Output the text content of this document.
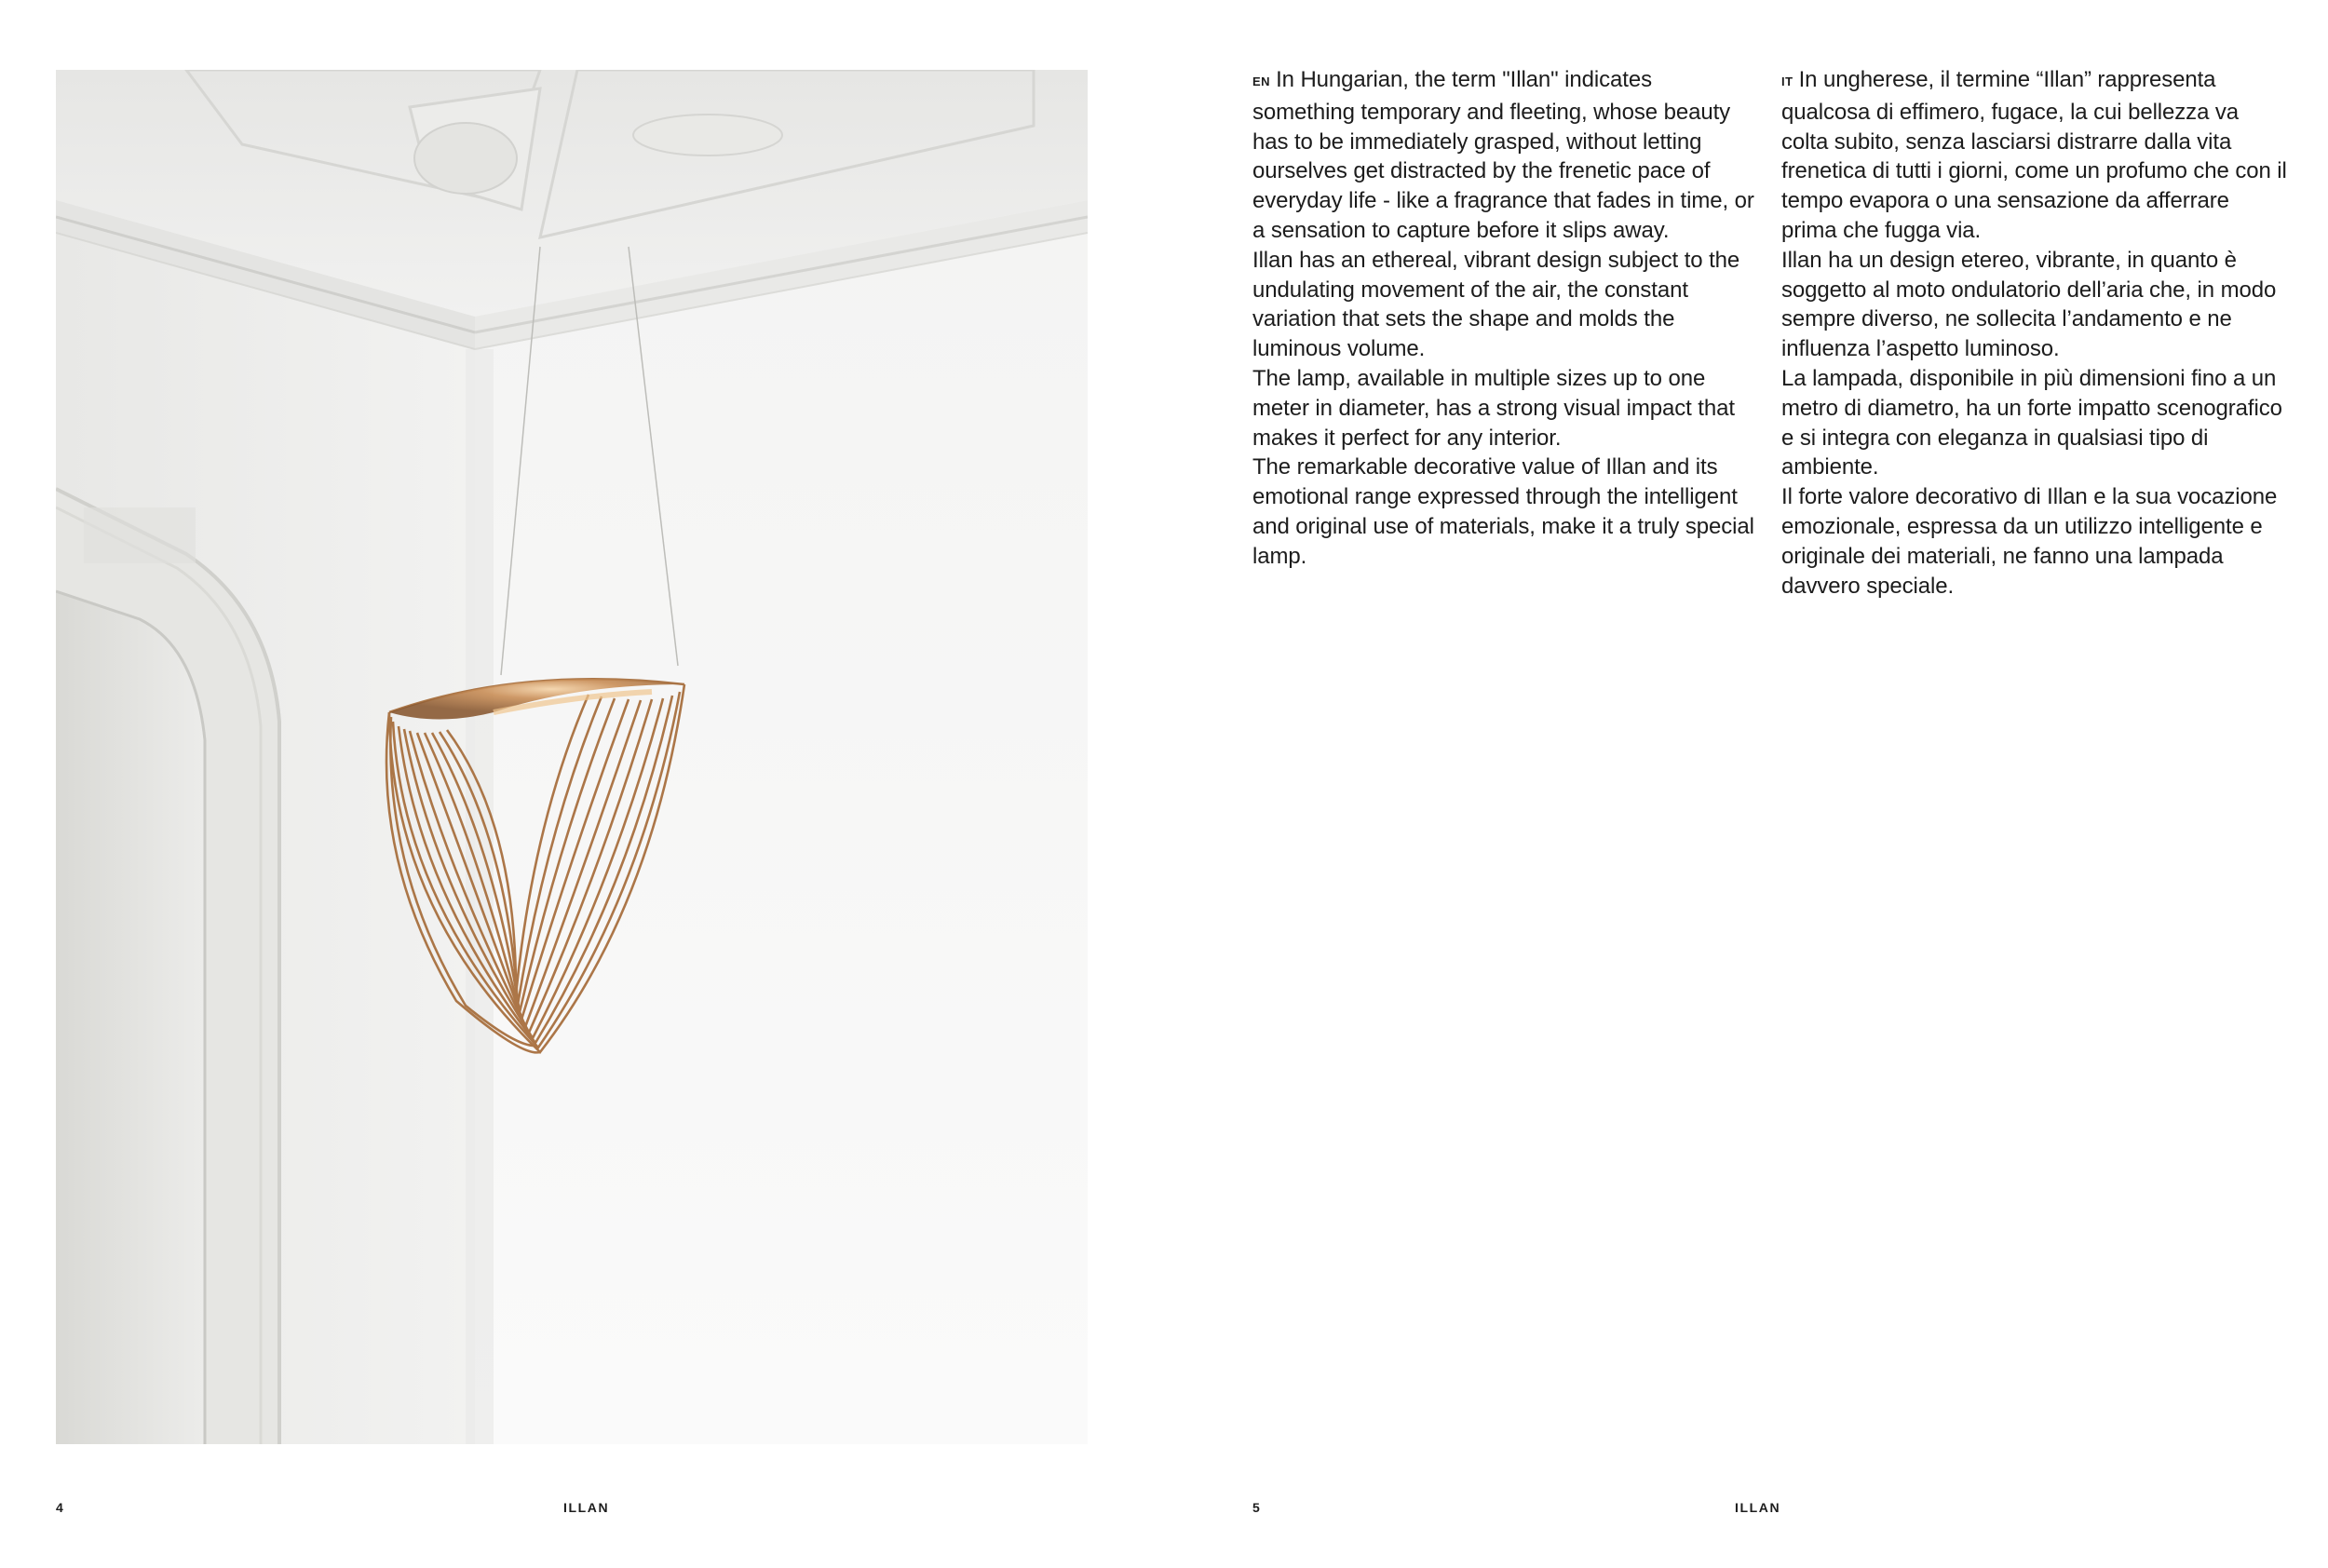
EN In Hungarian, the term "Illan" indicates something temporary and fleeting, whose beauty has to be immediately grasped, without letting ourselves get distracted by the frenetic pace of everyday life - like a fragrance that fades in time, or a sensation to capture before it slips away.

Illan has an ethereal, vibrant design subject to the undulating movement of the air, the constant variation that sets the shape and molds the luminous volume.

The lamp, available in multiple sizes up to one meter in diameter, has a strong visual impact that makes it perfect for any interior.

The remarkable decorative value of Illan and its emotional range expressed through the intelligent and original use of materials, make it a truly special lamp.

IT In ungherese, il termine “Illan” rappresenta qualcosa di effimero, fugace, la cui bellezza va colta subito, senza lasciarsi distrarre dalla vita frenetica di tutti i giorni, come un profumo che con il tempo evapora o una sensazione da afferrare prima che fugga via.

Illan ha un design etereo, vibrante, in quanto è soggetto al moto ondulatorio dell’aria che, in modo sempre diverso, ne sollecita l’andamento e ne influenza l’aspetto luminoso.

La lampada, disponibile in più dimensioni fino a un metro di diametro, ha un forte impatto scenografico e si integra con eleganza in qualsiasi tipo di ambiente.

Il forte valore decorativo di Illan e la sua vocazione emozionale, espressa da un utilizzo intelligente e originale dei materiali, ne fanno una lampada davvero speciale.

4	ILLAN	5	ILLAN
